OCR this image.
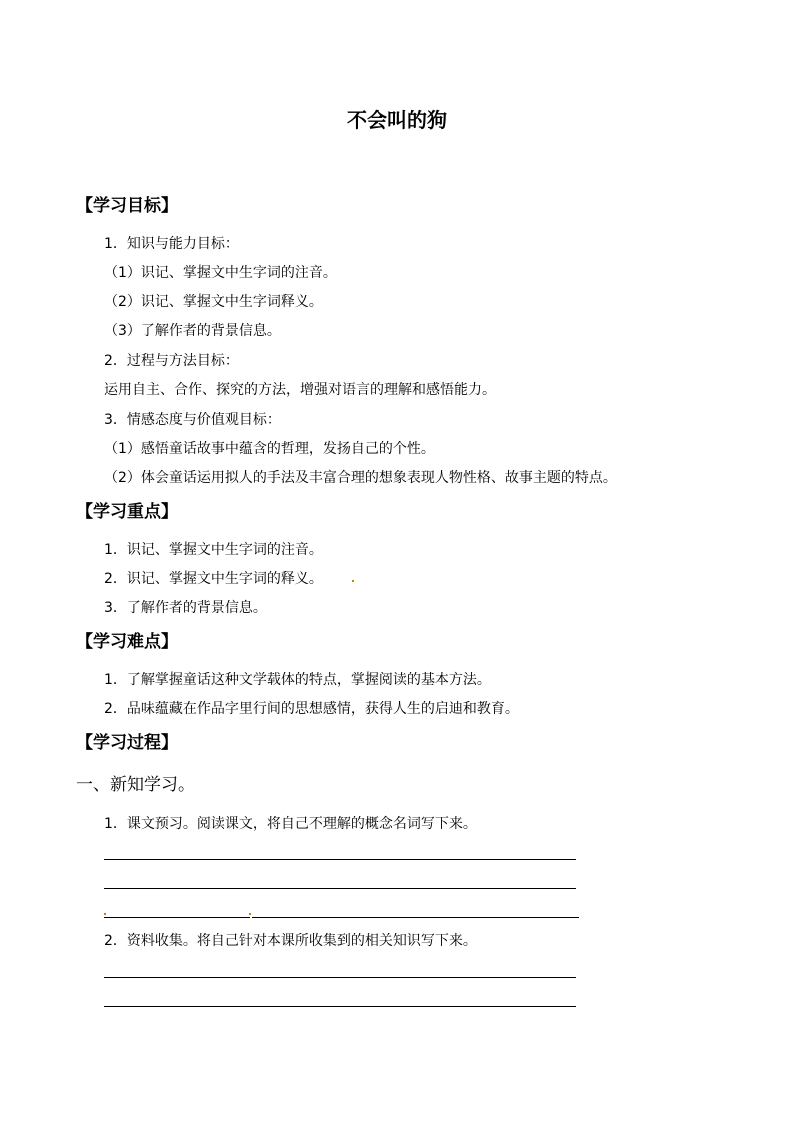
不会叫的狗
【学习目标】
1．知识与能力目标：
（1）识记、掌握文中生字词的注音。
（2）识记、掌握文中生字词释义。
（3）了解作者的背景信息。
2．过程与方法目标：
运用自主、合作、探究的方法，增强对语言的理解和感悟能力。
3．情感态度与价值观目标：
（1）感悟童话故事中蕴含的哲理，发扬自己的个性。
（2）体会童话运用拟人的手法及丰富合理的想象表现人物性格、故事主题的特点。
【学习重点】
1．识记、掌握文中生字词的注音。
2．识记、掌握文中生字词的释义。
3．了解作者的背景信息。
【学习难点】
1．了解掌握童话这种文学载体的特点，掌握阅读的基本方法。
2．品味蕴藏在作品字里行间的思想感情，获得人生的启迪和教育。
【学习过程】
一、新知学习。
1．课文预习。阅读课文，将自己不理解的概念名词写下来。
2．资料收集。将自己针对本课所收集到的相关知识写下来。
